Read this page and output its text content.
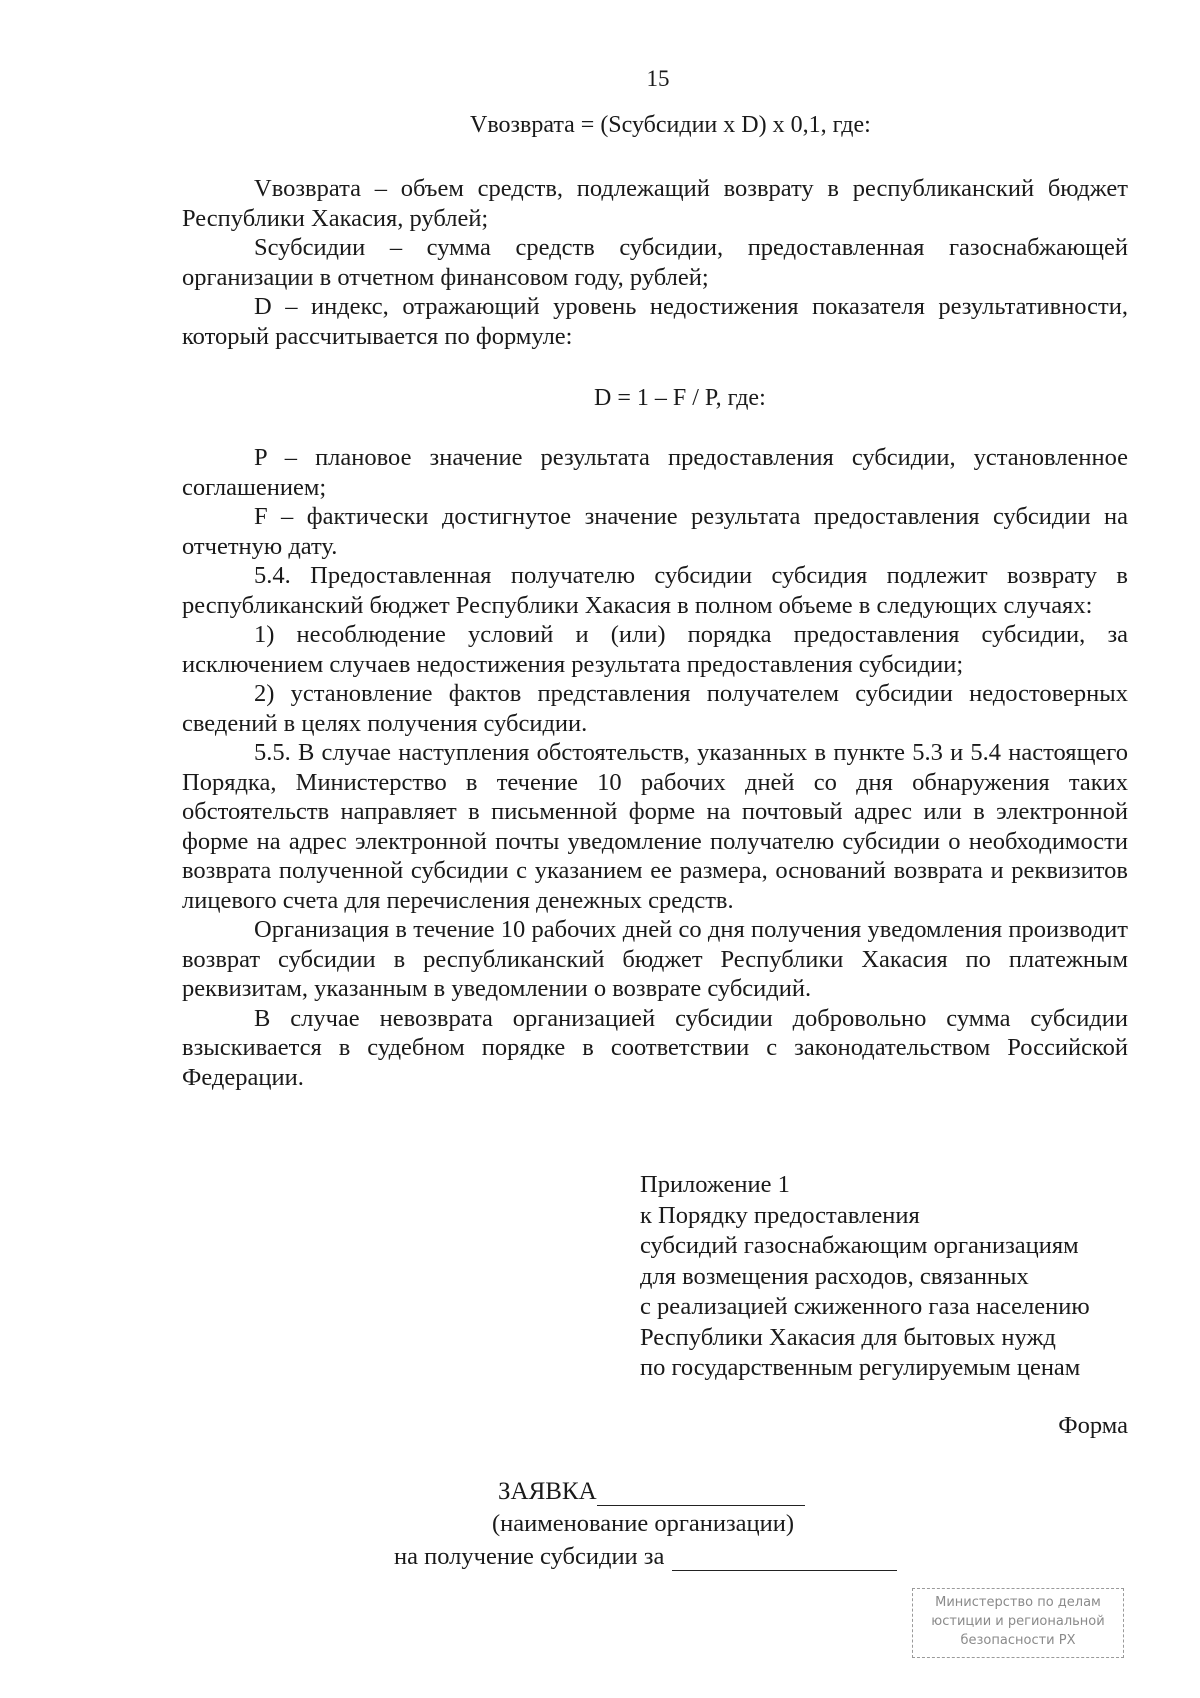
15
Vвозврата = (Sсубсидии x D) x 0,1, где:

Vвозврата – объем средств, подлежащий возврату в республиканский бюджет Республики Хакасия, рублей;

Sсубсидии – сумма средств субсидии, предоставленная газоснабжающей организации в отчетном финансовом году, рублей;

D – индекс, отражающий уровень недостижения показателя результативности, который рассчитывается по формуле:

D = 1 – F / P, где:

P – плановое значение результата предоставления субсидии, установленное соглашением;

F – фактически достигнутое значение результата предоставления субсидии на отчетную дату.

5.4. Предоставленная получателю субсидии субсидия подлежит возврату в республиканский бюджет Республики Хакасия в полном объеме в следующих случаях:

1) несоблюдение условий и (или) порядка предоставления субсидии, за исключением случаев недостижения результата предоставления субсидии;

2) установление фактов представления получателем субсидии недостоверных сведений в целях получения субсидии.

5.5. В случае наступления обстоятельств, указанных в пункте 5.3 и 5.4 настоящего Порядка, Министерство в течение 10 рабочих дней со дня обнаружения таких обстоятельств направляет в письменной форме на почтовый адрес или в электронной форме на адрес электронной почты уведомление получателю субсидии о необходимости возврата полученной субсидии с указанием ее размера, оснований возврата и реквизитов лицевого счета для перечисления денежных средств.

Организация в течение 10 рабочих дней со дня получения уведомления производит возврат субсидии в республиканский бюджет Республики Хакасия по платежным реквизитам, указанным в уведомлении о возврате субсидий.

В случае невозврата организацией субсидии добровольно сумма субсидии взыскивается в судебном порядке в соответствии с законодательством Российской Федерации.

Приложение 1
к Порядку предоставления
субсидий газоснабжающим организациям
для возмещения расходов, связанных
с реализацией сжиженного газа населению
Республики Хакасия для бытовых нужд
по государственным регулируемым ценам
Форма
ЗАЯВКА
(наименование организации)
на получение субсидии за
Министерство по делам
юстиции и региональной
безопасности РХ
